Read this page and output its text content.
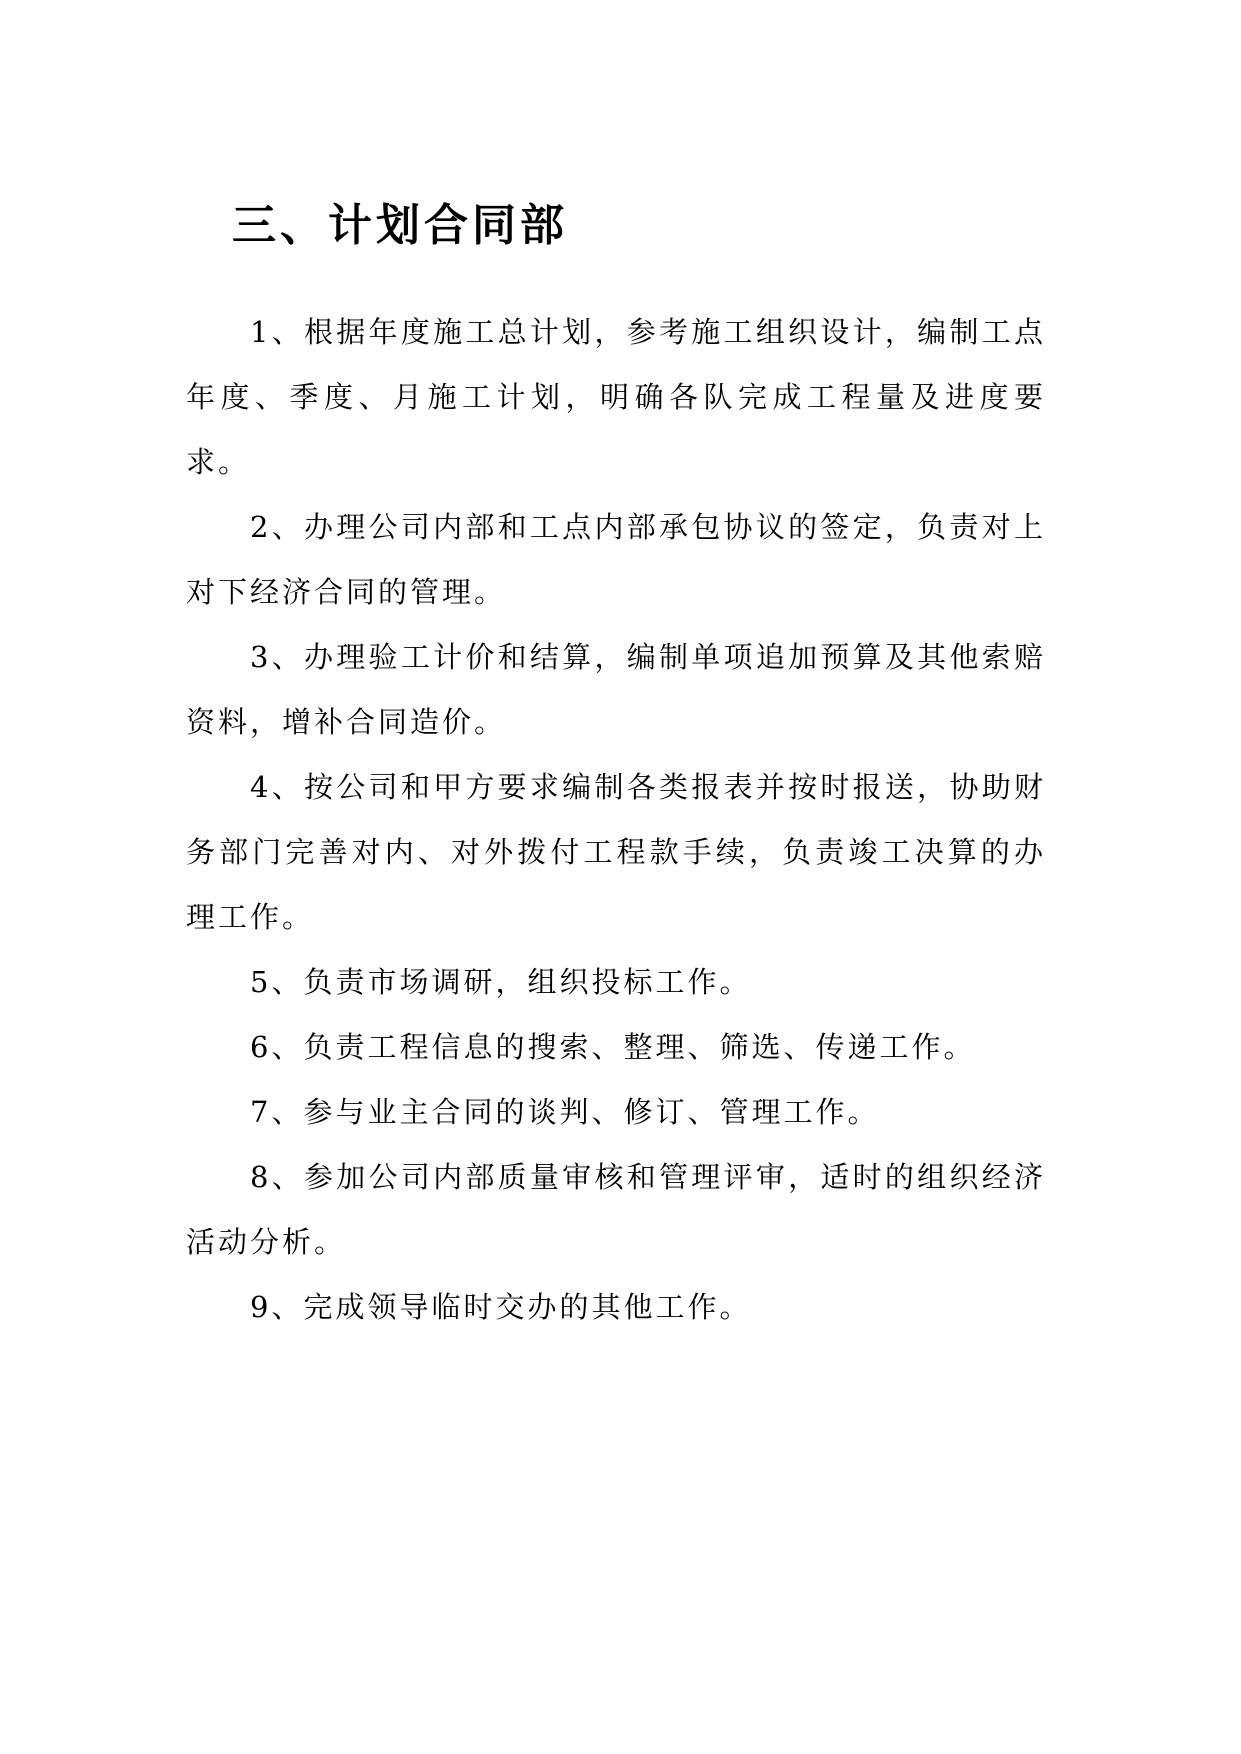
三、计划合同部

1、根据年度施工总计划，参考施工组织设计，编制工点年度、季度、月施工计划，明确各队完成工程量及进度要求。

2、办理公司内部和工点内部承包协议的签定，负责对上对下经济合同的管理。

3、办理验工计价和结算，编制单项追加预算及其他索赔资料，增补合同造价。

4、按公司和甲方要求编制各类报表并按时报送，协助财务部门完善对内、对外拨付工程款手续，负责竣工决算的办理工作。

5、负责市场调研，组织投标工作。

6、负责工程信息的搜索、整理、筛选、传递工作。

7、参与业主合同的谈判、修订、管理工作。

8、参加公司内部质量审核和管理评审，适时的组织经济活动分析。

9、完成领导临时交办的其他工作。
